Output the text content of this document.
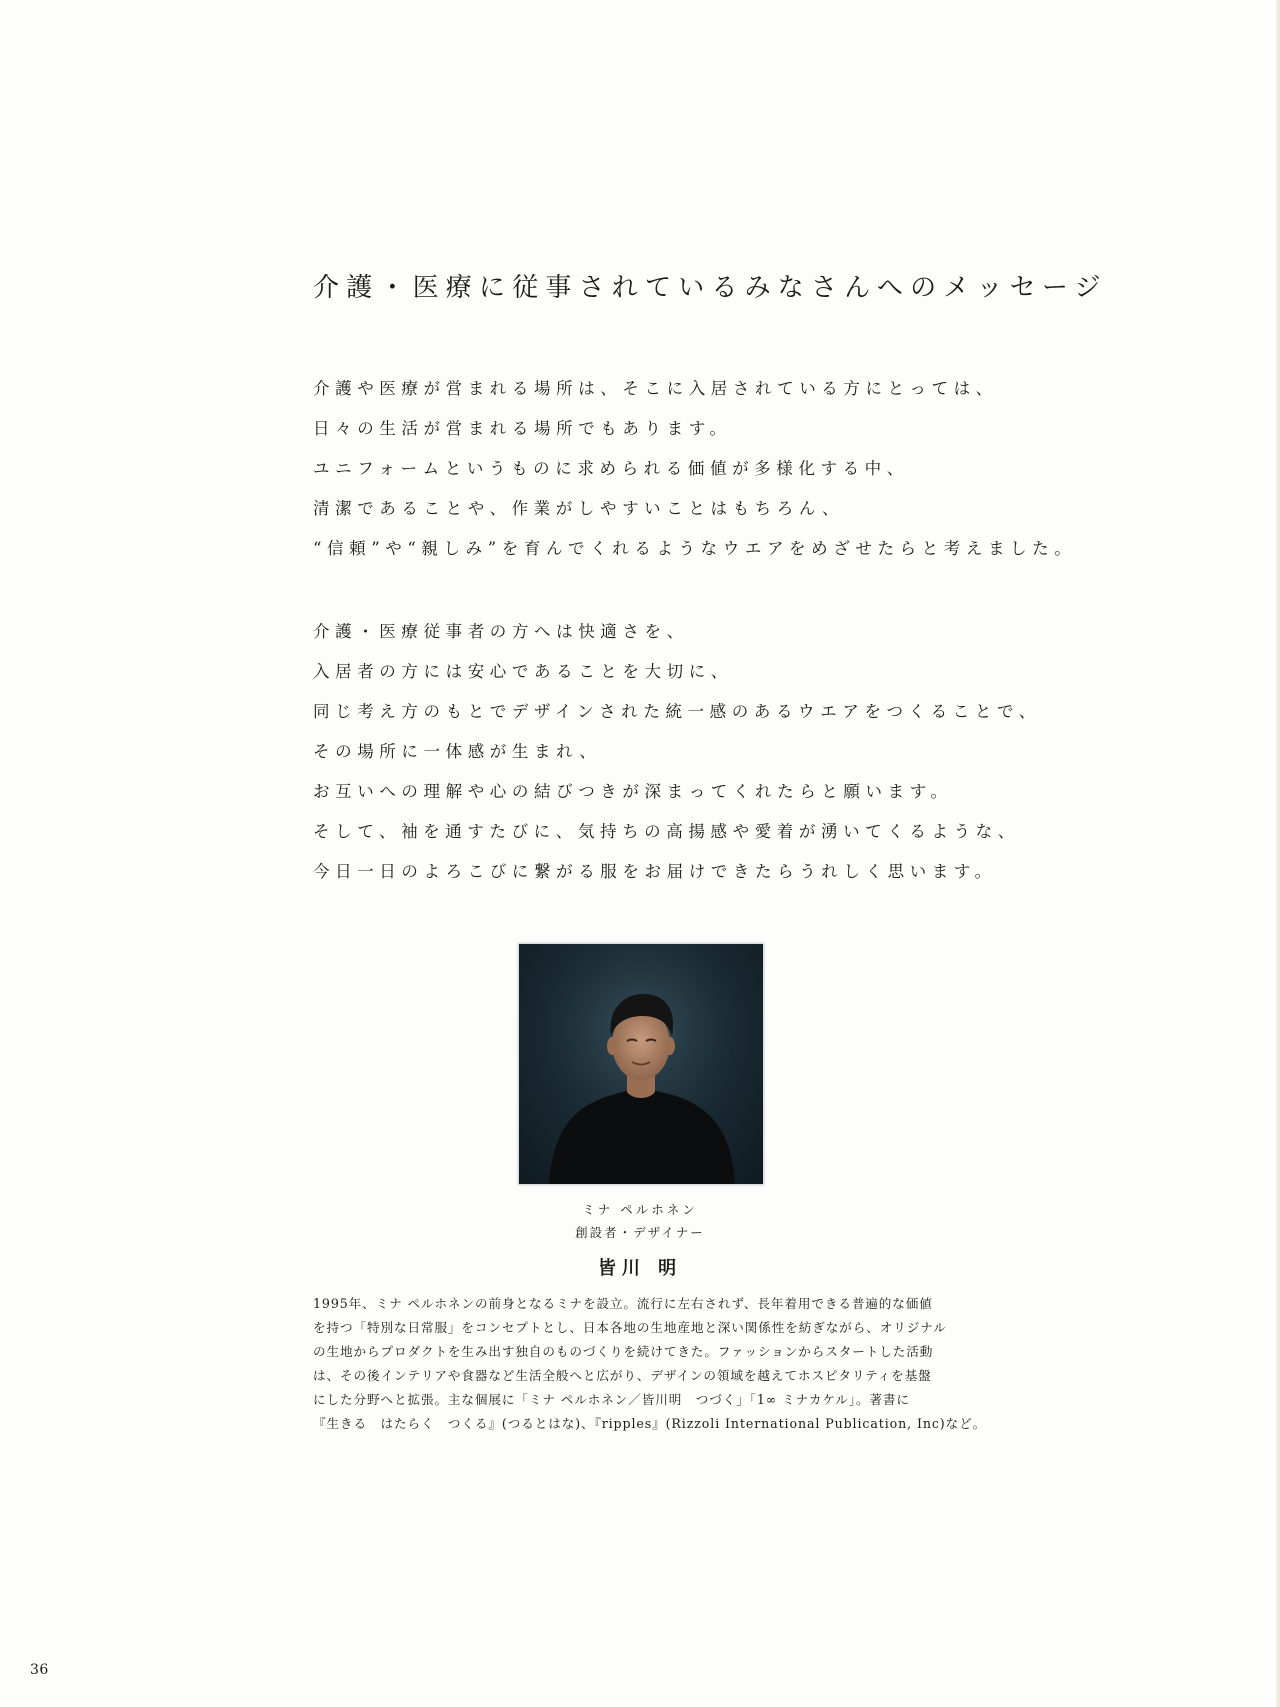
介護・医療に従事されているみなさんへのメッセージ

介護や医療が営まれる場所は、そこに入居されている方にとっては、
日々の生活が営まれる場所でもあります。
ユニフォームというものに求められる価値が多様化する中、
清潔であることや、作業がしやすいことはもちろん、
“信頼”や“親しみ”を育んでくれるようなウエアをめざせたらと考えました。

介護・医療従事者の方へは快適さを、
入居者の方には安心であることを大切に、
同じ考え方のもとでデザインされた統一感のあるウエアをつくることで、
その場所に一体感が生まれ、
お互いへの理解や心の結びつきが深まってくれたらと願います。
そして、袖を通すたびに、気持ちの高揚感や愛着が湧いてくるような、
今日一日のよろこびに繋がる服をお届けできたらうれしく思います。

ミナ ペルホネン
創設者・デザイナー
皆川 明

1995年、ミナ ペルホネンの前身となるミナを設立。流行に左右されず、長年着用できる普遍的な価値
を持つ「特別な日常服」をコンセプトとし、日本各地の生地産地と深い関係性を紡ぎながら、オリジナル
の生地からプロダクトを生み出す独自のものづくりを続けてきた。ファッションからスタートした活動
は、その後インテリアや食器など生活全般へと広がり、デザインの領域を越えてホスピタリティを基盤
にした分野へと拡張。主な個展に「ミナ ペルホネン／皆川明　つづく」「1∞ ミナカケル」。著書に
『生きる　はたらく　つくる』(つるとはな)、『ripples』(Rizzoli International Publication, Inc)など。

36
